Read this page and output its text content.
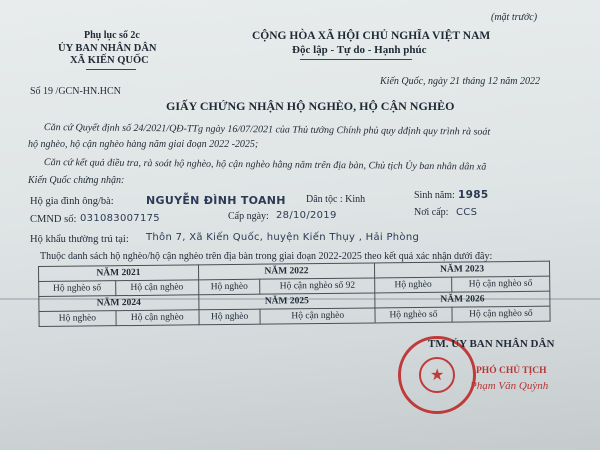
(mặt trước)
Phụ lục số 2c
ỦY BAN NHÂN DÂN
XÃ KIẾN QUỐC
CỘNG HÒA XÃ HỘI CHỦ NGHĨA VIỆT NAM
Độc lập - Tự do - Hạnh phúc
Số 19 /GCN-HN.HCN
Kiến Quốc, ngày 21 tháng 12 năm 2022
GIẤY CHỨNG NHẬN HỘ NGHÈO, HỘ CẬN NGHÈO
Căn cứ Quyết định số 24/2021/QĐ-TTg ngày 16/07/2021 của Thủ tướng Chính phủ quy dđịnh quy trình rà soát
hộ nghèo, hộ cận nghèo hàng năm giai đoạn 2022 -2025;
Căn cứ kết quả điều tra, rà soát hộ nghèo, hộ cận nghèo hằng năm trên địa bàn, Chủ tịch Ủy ban nhân dân xã
Kiến Quốc chứng nhận:
Hộ gia đình ông/bà:	NGUYỄN ĐÌNH TOANH Dân tộc : Kinh	Sinh năm: 1985
CMND số: 031083007175	Cấp ngày: 28/10/2019	Nơi cấp: CCS
Hộ khẩu thường trú tại: Thôn 7, Xã Kiến Quốc, huyện Kiến Thụy , Hải Phòng
Thuộc danh sách hộ nghèo/hộ cận nghèo trên địa bàn trong giai đoạn 2022-2025 theo kết quả xác nhận dưới đây:
NĂM 2021		NĂM 2022		NĂM 2023	
Hộ nghèo số	Hộ cận nghèo	Hộ nghèo	Hộ cận nghèo số 92	Hộ nghèo	Hộ cận nghèo số
NĂM 2024		NĂM 2025		NĂM 2026	
Hộ nghèo	Hộ cận nghèo	Hộ nghèo	Hộ cận nghèo	Hộ nghèo số	Hộ cận nghèo số
★
TM. ỦY BAN NHÂN DÂN
PHÓ CHỦ TỊCH
Phạm Văn Quỳnh
